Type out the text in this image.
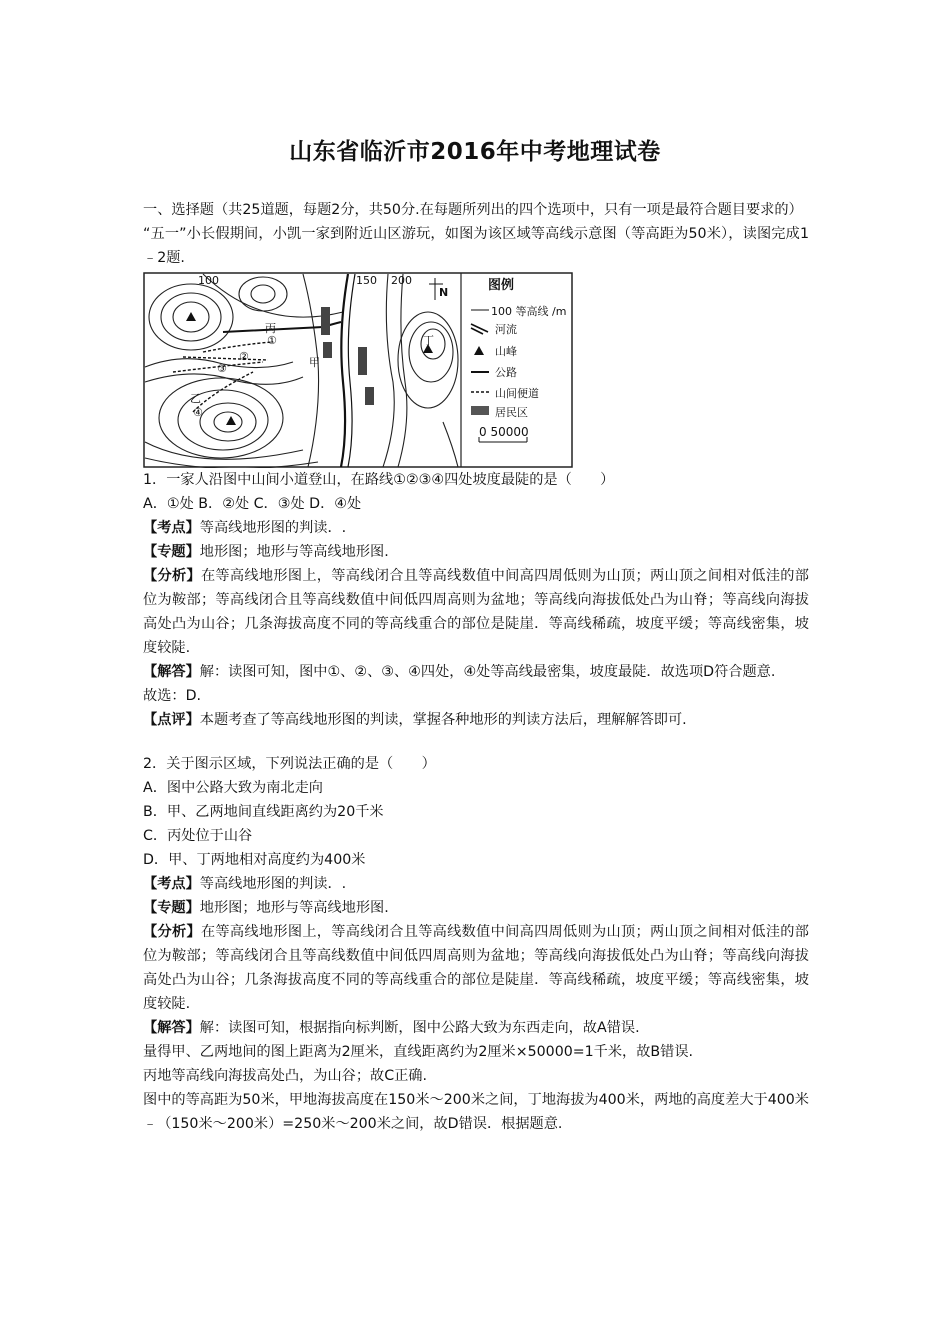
山东省临沂市2016年中考地理试卷

一、选择题（共25道题，每题2分，共50分.在每题所列出的四个选项中，只有一项是最符合题目要求的）

“五一”小长假期间，小凯一家到附近山区游玩，如图为该区域等高线示意图（等高距为50米），读图完成1﹣2题.

100	150 200
N
丙
甲
乙
丁
①
②
③
④
图例
100 等高线 /m
河流
山峰
公路
山间便道
居民区
0 50000

1．一家人沿图中山间小道登山，在路线①②③④四处坡度最陡的是（　　）

A．①处 B．②处 C．③处 D．④处

【考点】等高线地形图的判读．.

【专题】地形图；地形与等高线地形图.

【分析】在等高线地形图上，等高线闭合且等高线数值中间高四周低则为山顶；两山顶之间相对低洼的部位为鞍部；等高线闭合且等高线数值中间低四周高则为盆地；等高线向海拔低处凸为山脊；等高线向海拔高处凸为山谷；几条海拔高度不同的等高线重合的部位是陡崖．等高线稀疏，坡度平缓；等高线密集，坡度较陡.

【解答】解：读图可知，图中①、②、③、④四处，④处等高线最密集，坡度最陡．故选项D符合题意.

故选：D.

【点评】本题考查了等高线地形图的判读，掌握各种地形的判读方法后，理解解答即可.

2．关于图示区域，下列说法正确的是（　　）

A．图中公路大致为南北走向

B．甲、乙两地间直线距离约为20千米

C．丙处位于山谷

D．甲、丁两地相对高度约为400米

【考点】等高线地形图的判读．.

【专题】地形图；地形与等高线地形图.

【分析】在等高线地形图上，等高线闭合且等高线数值中间高四周低则为山顶；两山顶之间相对低洼的部位为鞍部；等高线闭合且等高线数值中间低四周高则为盆地；等高线向海拔低处凸为山脊；等高线向海拔高处凸为山谷；几条海拔高度不同的等高线重合的部位是陡崖．等高线稀疏，坡度平缓；等高线密集，坡度较陡.

【解答】解：读图可知，根据指向标判断，图中公路大致为东西走向，故A错误.

量得甲、乙两地间的图上距离为2厘米，直线距离约为2厘米×50000=1千米，故B错误.

丙地等高线向海拔高处凸，为山谷；故C正确.

图中的等高距为50米，甲地海拔高度在150米～200米之间，丁地海拔为400米，两地的高度差大于400米﹣（150米～200米）=250米～200米之间，故D错误．根据题意.
